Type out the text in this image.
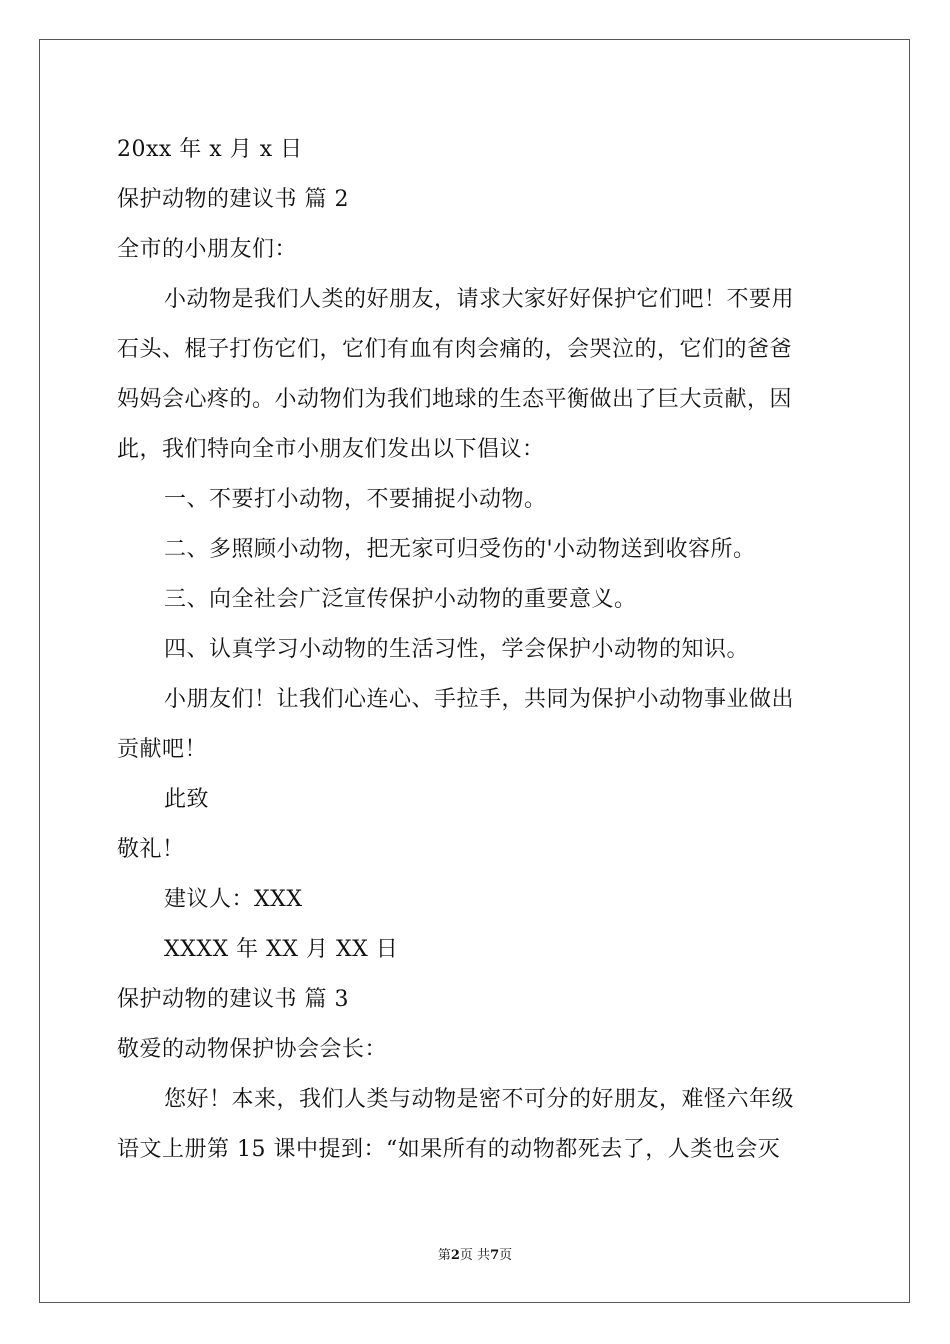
20xx 年 x 月 x 日
保护动物的建议书 篇 2
全市的小朋友们：
小动物是我们人类的好朋友，请求大家好好保护它们吧！不要用
石头、棍子打伤它们，它们有血有肉会痛的，会哭泣的，它们的爸爸
妈妈会心疼的。小动物们为我们地球的生态平衡做出了巨大贡献，因
此，我们特向全市小朋友们发出以下倡议：
一、不要打小动物，不要捕捉小动物。
二、多照顾小动物，把无家可归受伤的'小动物送到收容所。
三、向全社会广泛宣传保护小动物的重要意义。
四、认真学习小动物的生活习性，学会保护小动物的知识。
小朋友们！让我们心连心、手拉手，共同为保护小动物事业做出
贡献吧！
此致
敬礼！
建议人：XXX
XXXX 年 XX 月 XX 日
保护动物的建议书 篇 3
敬爱的动物保护协会会长：
您好！本来，我们人类与动物是密不可分的好朋友，难怪六年级
语文上册第 15 课中提到：“如果所有的动物都死去了，人类也会灭
第2页 共7页
